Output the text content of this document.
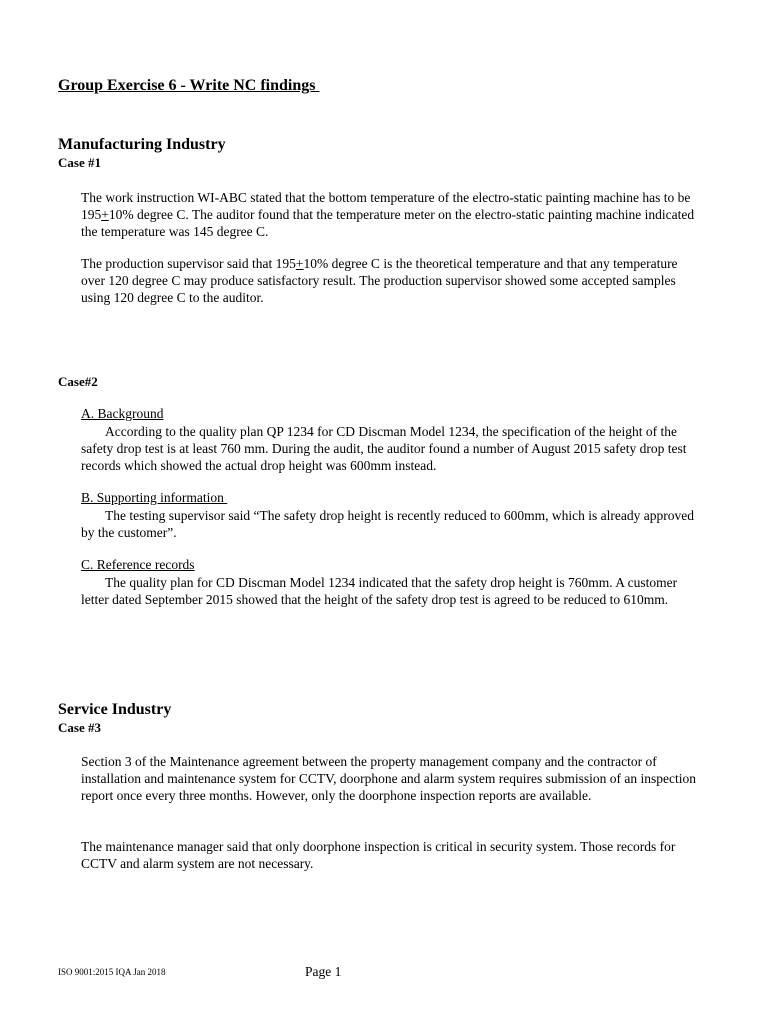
Group Exercise 6 - Write NC findings
Manufacturing Industry
Case #1
The work instruction WI-ABC stated that the bottom temperature of the electro-static painting machine has to be 195+10% degree C. The auditor found that the temperature meter on the electro-static painting machine indicated the temperature was 145 degree C.
The production supervisor said that 195+10% degree C is the theoretical temperature and that any temperature over 120 degree C may produce satisfactory result. The production supervisor showed some accepted samples using 120 degree C to the auditor.
Case#2
A. Background
According to the quality plan QP 1234 for CD Discman Model 1234, the specification of the height of the safety drop test is at least 760 mm. During the audit, the auditor found a number of August 2015 safety drop test records which showed the actual drop height was 600mm instead.
B. Supporting information
The testing supervisor said “The safety drop height is recently reduced to 600mm, which is already approved by the customer”.
C. Reference records
The quality plan for CD Discman Model 1234 indicated that the safety drop height is 760mm. A customer letter dated September 2015 showed that the height of the safety drop test is agreed to be reduced to 610mm.
Service Industry
Case #3
Section 3 of the Maintenance agreement between the property management company and the contractor of installation and maintenance system for CCTV, doorphone and alarm system requires submission of an inspection report once every three months. However, only the doorphone inspection reports are available.
The maintenance manager said that only doorphone inspection is critical in security system. Those records for CCTV and alarm system are not necessary.
ISO 9001:2015 IQA Jan 2018	Page 1
